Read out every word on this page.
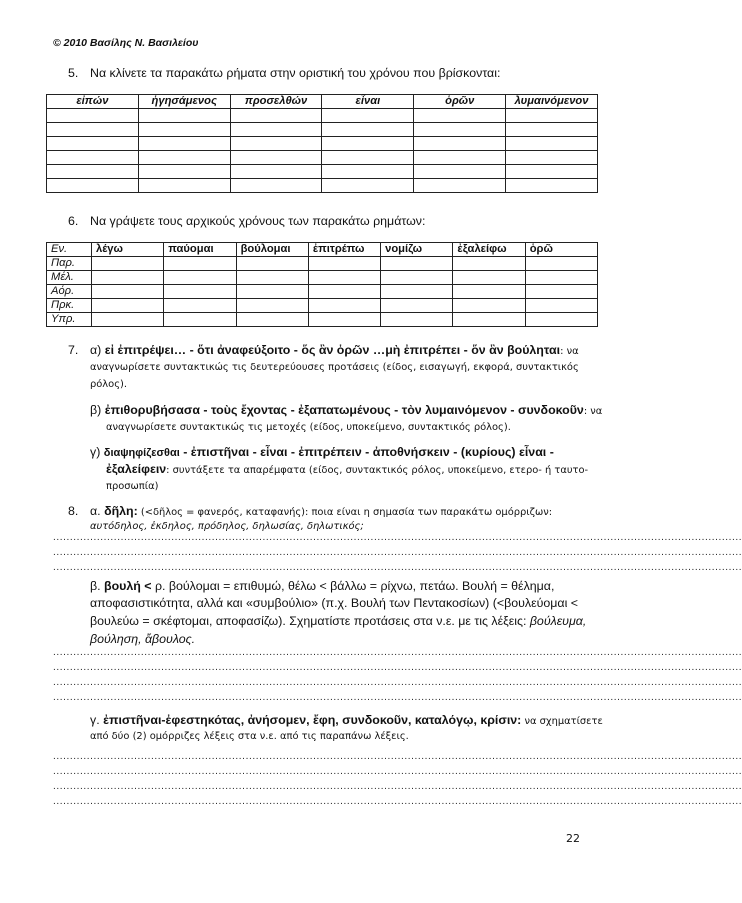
© 2010 Βασίλης Ν. Βασιλείου
5. Να κλίνετε τα παρακάτω ρήματα στην οριστική του χρόνου που βρίσκονται:
εἰπών	ἡγησάμενος	προσελθών	εἶναι	ὁρῶν	λυμαινόμενον

6. Να γράψετε τους αρχικούς χρόνους των παρακάτω ρημάτων:
Εν.	λέγω	παύομαι	βούλομαι	ἐπιτρέπω	νομίζω	ἐξαλείφω	ὁρῶ
Παρ.							
Μέλ.							
Αόρ.							
Πρκ.							
Υπρ.							
7. α) εἰ ἐπιτρέψει… - ὅτι ἀναφεύξοιτο - ὅς ἂν ὁρῶν …μὴ ἐπιτρέπει - ὅν ἂν βούληται: να
αναγνωρίσετε συντακτικώς τις δευτερεύουσες προτάσεις (είδος, εισαγωγή, εκφορά, συντακτικός
ρόλος).
β) ἐπιθορυβήσασα - τοὺς ἔχοντας - ἐξαπατωμένους - τὸν λυμαινόμενον - συνδοκοῦν: να
αναγνωρίσετε συντακτικώς τις μετοχές (είδος, υποκείμενο, συντακτικός ρόλος).
γ) διαψηφίζεσθαι - ἐπιστῆναι - εἶναι - ἐπιτρέπειν - ἀποθνήσκειν - (κυρίους) εἶναι -
ἐξαλείφειν: συντάξετε τα απαρέμφατα (είδος, συντακτικός ρόλος, υποκείμενο, ετερο- ή ταυτο-
προσωπία)
8. α. δῆλη: (<δῆλος = φανερός, καταφανής): ποια είναι η σημασία των παρακάτω ομόρριζων:
αυτόδηλος, ἐκδηλος, πρόδηλος, δηλωσίας, δηλωτικός;
............................................................................................................................................................................................................
............................................................................................................................................................................................................
............................................................................................................................................................................................................
β. βουλή < ρ. βούλομαι = επιθυμώ, θέλω < βάλλω = ρίχνω, πετάω. Βουλή = θέλημα,
αποφασιστικότητα, αλλά και «συμβούλιο» (π.χ. Βουλή των Πεντακοσίων) (<βουλεύομαι <
βουλεύω = σκέφτομαι, αποφασίζω). Σχηματίστε προτάσεις στα ν.ε. με τις λέξεις: βούλευμα,
βούληση, ἄβουλος.
............................................................................................................................................................................................................
............................................................................................................................................................................................................
............................................................................................................................................................................................................
............................................................................................................................................................................................................
γ. ἐπιστῆναι-ἐφεστηκότας, ἀνήσομεν, ἔφη, συνδοκοῦν, καταλόγῳ, κρίσιν: να σχηματίσετε
από δύο (2) ομόρριζες λέξεις στα ν.ε. από τις παραπάνω λέξεις.
............................................................................................................................................................................................................
............................................................................................................................................................................................................
............................................................................................................................................................................................................
............................................................................................................................................................................................................
22
